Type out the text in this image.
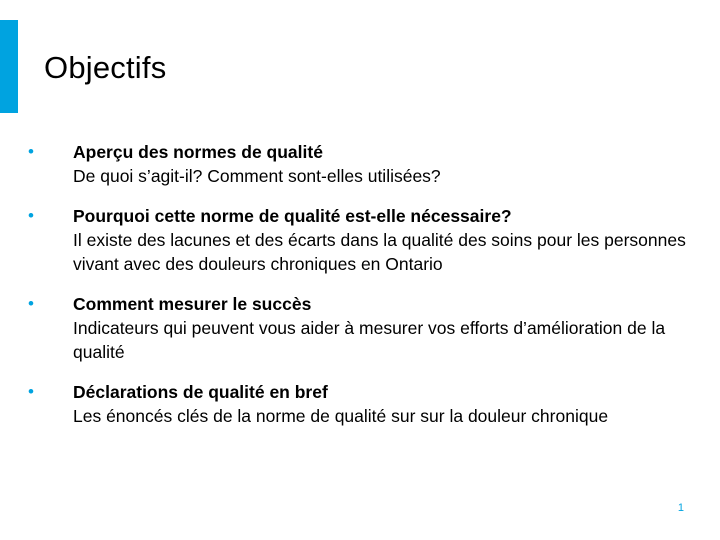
Objectifs
• Aperçu des normes de qualité
De quoi s’agit-il? Comment sont-elles utilisées?
• Pourquoi cette norme de qualité est-elle nécessaire?
Il existe des lacunes et des écarts dans la qualité des soins pour les personnes vivant avec des douleurs chroniques en Ontario
• Comment mesurer le succès
Indicateurs qui peuvent vous aider à mesurer vos efforts d’amélioration de la qualité
• Déclarations de qualité en bref
Les énoncés clés de la norme de qualité sur sur la douleur chronique
1
